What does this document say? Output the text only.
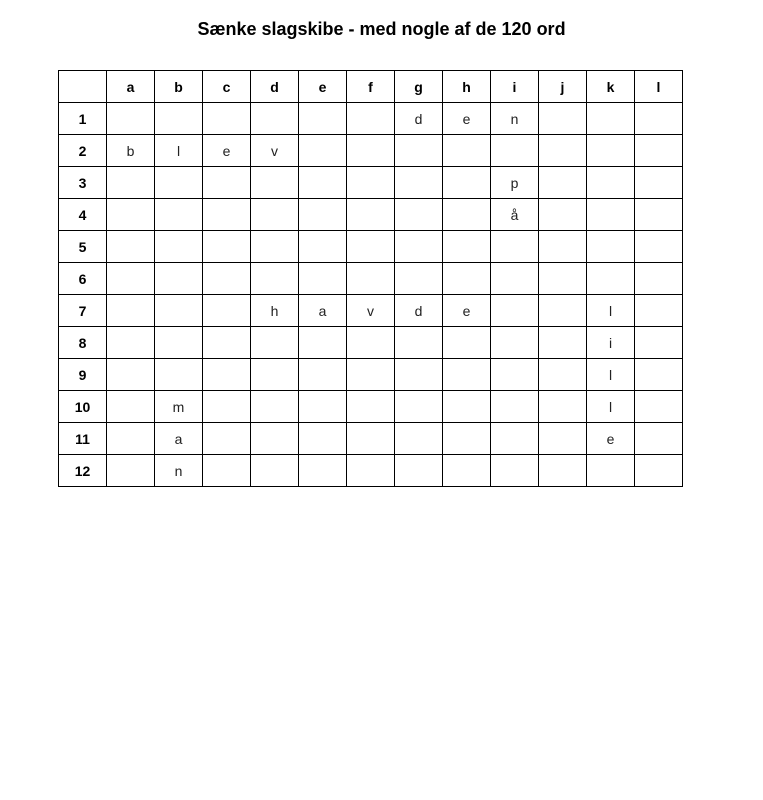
Sænke slagskibe - med nogle af de 120 ord
	a	b	c	d	e	f	g	h	i	j	k	l
1							d	e	n			
2	b	l	e	v								
3									p			
4									å			
5												
6												
7				h	a	v	d	e			l	
8											i	
9											l	
10		m									l	
11		a									e	
12		n										
